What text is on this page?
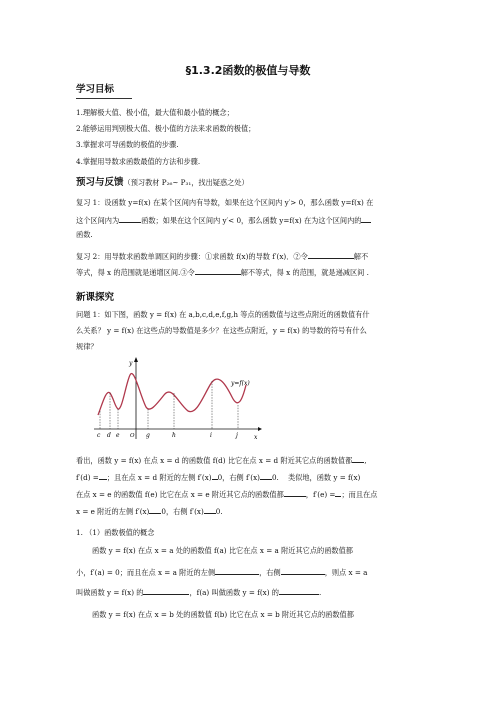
§1.3.2函数的极值与导数
学习目标
1.理解极大值、极小值，最大值和最小值的概念；
2.能够运用判别极大值、极小值的方法来求函数的极值；
3.掌握求可导函数的极值的步骤.
4.掌握用导数求函数最值的方法和步骤.
预习与反馈（预习教材 P₂₆~ P₃₁，找出疑惑之处）
复习 1：设函数 y=f(x) 在某个区间内有导数，如果在这个区间内 y′> 0，那么函数 y=f(x) 在
这个区间内为	函数；如果在这个区间内 y′< 0，那么函数 y=f(x) 在为这个区间内的
函数.
复习 2：用导数求函数单调区间的步骤：①求函数 f(x)的导数 f′(x)．②令	解不
等式，得 x 的范围就是递增区间.③令	解不等式，得 x 的范围，就是递减区间 .
新课探究
问题 1：如下图，函数 y = f(x) 在 a,b,c,d,e,f,g,h 等点的函数值与这些点附近的函数值有什
么关系？ y = f(x) 在这些点的导数值是多少？在这些点附近，y = f(x) 的导数的符号有什么
规律？
y
x
O
y=f(x)
c d e	g	h	i	j
看出，函数 y = f(x) 在点 x = d 的函数值 f(d) 比它在点 x = d 附近其它点的函数值都 ,
f′(d) = ；且在点 x = d 附近的左侧 f′(x) 0，右侧 f′(x) 0. 类似地，函数 y = f(x)
在点 x = e 的函数值 f(e) 比它在点 x = e 附近其它点的函数值都	，f′(e) = ；而且在点
x = e 附近的左侧 f′(x) 0，右侧 f′(x) 0.
1. （1）函数极值的概念
函数 y = f(x) 在点 x = a 处的函数值 f(a) 比它在点 x = a 附近其它点的函数值都
小，f′(a) = 0；而且在点 x = a 附近的左侧	，右侧	，则点 x = a
叫做函数 y = f(x) 的	，f(a) 叫做函数 y = f(x) 的	.
函数 y = f(x) 在点 x = b 处的函数值 f(b) 比它在点 x = b 附近其它点的函数值都
